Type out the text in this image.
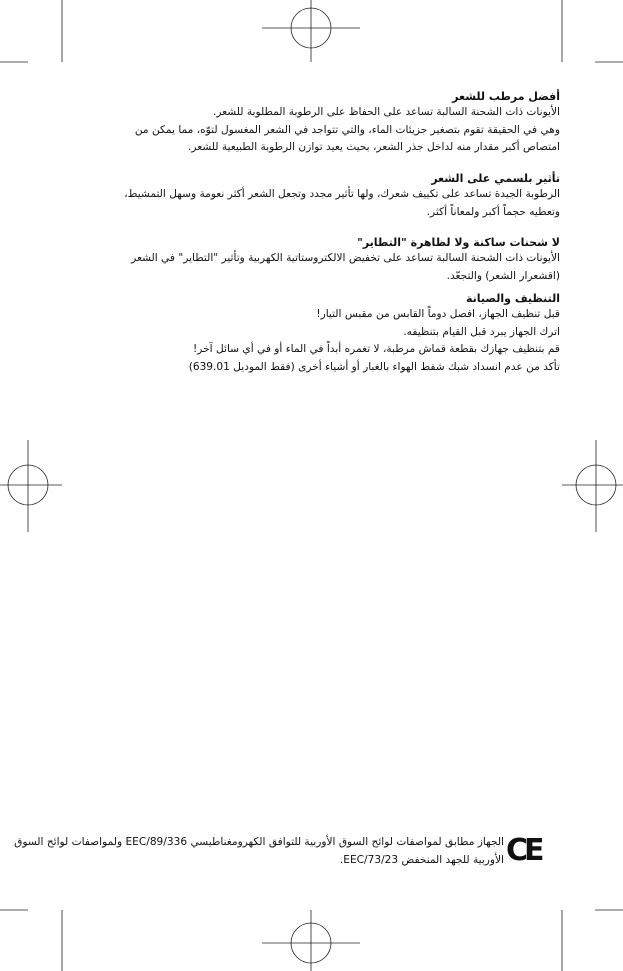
أفضل مرطب للشعر
الأيونات ذات الشحنة السالبة تساعد على الحفاظ على الرطوبة المطلوبة للشعر.
وهي في الحقيقة تقوم بتصغير جزيئات الماء، والتي تتواجد في الشعر المغسول لتوّه، مما يمكن من
امتصاص أكبر مقدار منه لداخل جذر الشعر، بحيث يعيد توازن الرطوبة الطبيعية للشعر.
تأثير بلسمي على الشعر
الرطوبة الجيدة تساعد على تكييف شعرك، ولها تأثير مجدد وتجعل الشعر أكثر نعومة وسهل التمشيط،
وتعطيه حجماً أكبر ولمعاناً أكثر.
لا شحنات ساكنة ولا لظاهرة "التطاير"
الأيونات ذات الشحنة السالبة تساعد على تخفيض الالكتروستاتية الكهربية وتأثير "التطاير" في الشعر
(اقشعرار الشعر) والتجعّد.
التنظيف والصيانة
قبل تنظيف الجهاز، افصل دوماً القابس من مقبس التيار!
اترك الجهاز يبرد قبل القيام بتنظيفه.
قم بتنظيف جهازك بقطعة قماش مرطبة، لا تغمره أبداً في الماء أو في أي سائل آخر!
تأكد من عدم انسداد شبك شفط الهواء بالغبار أو أشياء أخرى (فقط الموديل 639.01)
الجهاز مطابق لمواصفات لوائح السوق الأوربية للتوافق الكهرومغناطيسي 89/336/EEC ولمواصفات لوائح السوق
الأوربية للجهد المنخفض 73/23/EEC. CE
